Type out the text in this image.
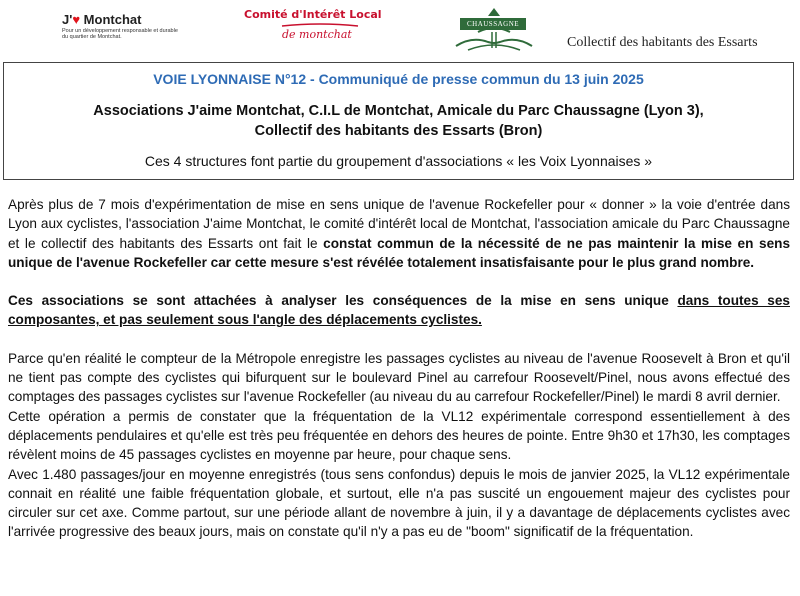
J'♥ Montchat
Pour un développement responsable et durable du quartier de Montchat.
Comité d'Intérêt Local
de montchat
CHAUSSAGNE
Collectif des habitants des Essarts
VOIE LYONNAISE N°12 - Communiqué de presse commun du 13 juin 2025
Associations J'aime Montchat, C.I.L de Montchat, Amicale du Parc Chaussagne (Lyon 3),
Collectif des habitants des Essarts (Bron)
Ces 4 structures font partie du groupement d'associations « les Voix Lyonnaises »

Après plus de 7 mois d'expérimentation de mise en sens unique de l'avenue Rockefeller pour « donner » la voie d'entrée dans Lyon aux cyclistes, l'association J'aime Montchat, le comité d'intérêt local de Montchat, l'association amicale du Parc Chaussagne et le collectif des habitants des Essarts ont fait le constat commun de la nécessité de ne pas maintenir la mise en sens unique de l'avenue Rockefeller car cette mesure s'est révélée totalement insatisfaisante pour le plus grand nombre.

Ces associations se sont attachées à analyser les conséquences de la mise en sens unique dans toutes ses composantes, et pas seulement sous l'angle des déplacements cyclistes.

Parce qu'en réalité le compteur de la Métropole enregistre les passages cyclistes au niveau de l'avenue Roosevelt à Bron et qu'il ne tient pas compte des cyclistes qui bifurquent sur le boulevard Pinel au carrefour Roosevelt/Pinel, nous avons effectué des comptages des passages cyclistes sur l'avenue Rockefeller (au niveau du au carrefour Rockefeller/Pinel) le mardi 8 avril dernier.

Cette opération a permis de constater que la fréquentation de la VL12 expérimentale correspond essentiellement à des déplacements pendulaires et qu'elle est très peu fréquentée en dehors des heures de pointe. Entre 9h30 et 17h30, les comptages révèlent moins de 45 passages cyclistes en moyenne par heure, pour chaque sens.

Avec 1.480 passages/jour en moyenne enregistrés (tous sens confondus) depuis le mois de janvier 2025, la VL12 expérimentale connait en réalité une faible fréquentation globale, et surtout, elle n'a pas suscité un engouement majeur des cyclistes pour circuler sur cet axe. Comme partout, sur une période allant de novembre à juin, il y a davantage de déplacements cyclistes avec l'arrivée progressive des beaux jours, mais on constate qu'il n'y a pas eu de "boom" significatif de la fréquentation.
